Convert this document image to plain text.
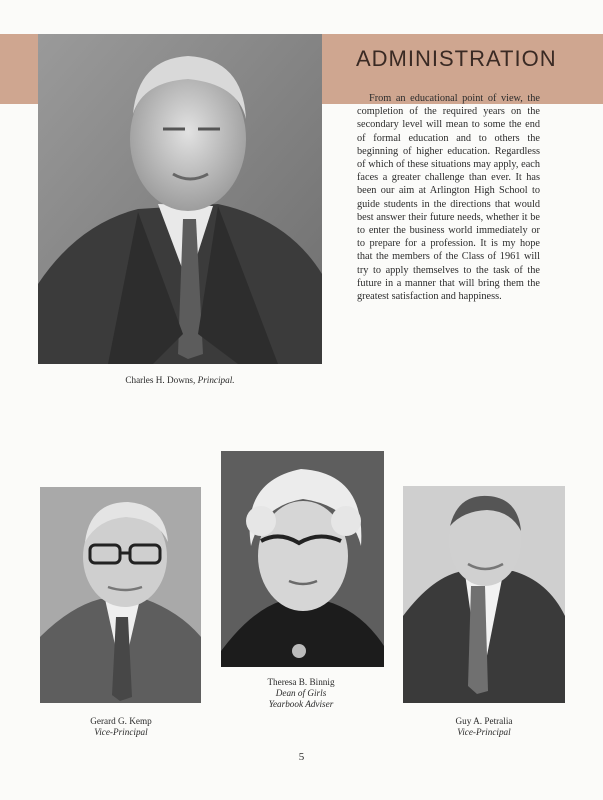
ADMINISTRATION

From an educational point of view, the completion of the required years on the secondary level will mean to some the end of formal education and to others the beginning of higher education. Regardless of which of these situations may apply, each faces a greater challenge than ever. It has been our aim at Arlington High School to guide students in the directions that would best answer their future needs, whether it be to enter the business world immediately or to prepare for a profession. It is my hope that the members of the Class of 1961 will try to apply themselves to the task of the future in a manner that will bring them the greatest satisfaction and happiness.

Charles H. Downs, Principal.
Gerard G. Kemp
Vice-Principal
Theresa B. Binnig
Dean of Girls
Yearbook Adviser
Guy A. Petralia
Vice-Principal
5
